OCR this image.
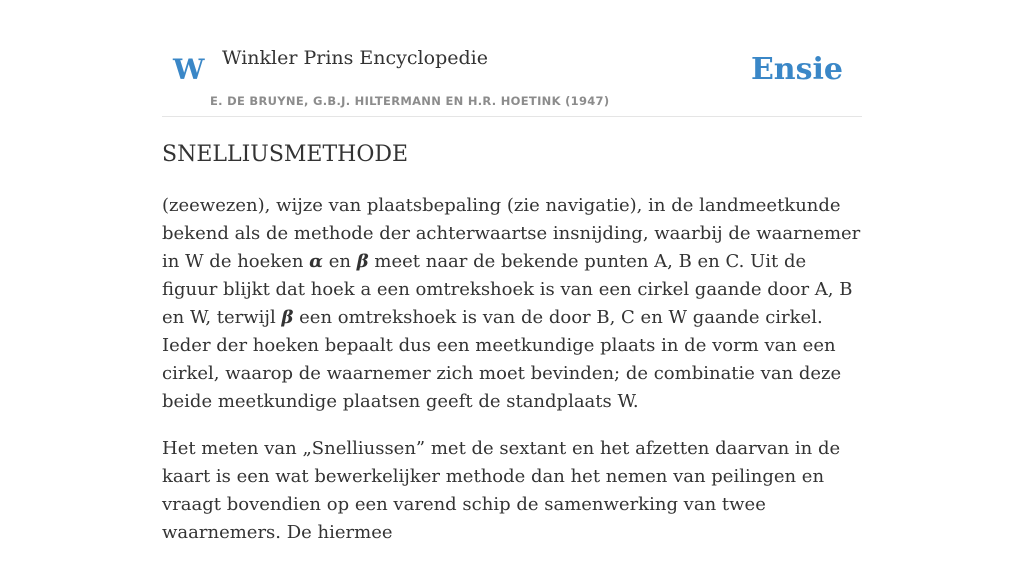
W Winkler Prins Encyclopedie
E. DE BRUYNE, G.B.J. HILTERMANN EN H.R. HOETINK (1947)
Ensie
SNELLIUSMETHODE

(zeewezen), wijze van plaatsbepaling (zie navigatie), in de landmeetkunde bekend als de methode der achterwaartse insnijding, waarbij de waarnemer in W de hoeken α en β meet naar de bekende punten A, B en C. Uit de figuur blijkt dat hoek a een omtrekshoek is van een cirkel gaande door A, B en W, terwijl β een omtrekshoek is van de door B, C en W gaande cirkel. Ieder der hoeken bepaalt dus een meetkundige plaats in de vorm van een cirkel, waarop de waarnemer zich moet bevinden; de combinatie van deze beide meetkundige plaatsen geeft de standplaats W.

Het meten van „Snelliussen” met de sextant en het afzetten daarvan in de kaart is een wat bewerkelijker methode dan het nemen van peilingen en vraagt bovendien op een varend schip de samenwerking van twee waarnemers. De hiermee
